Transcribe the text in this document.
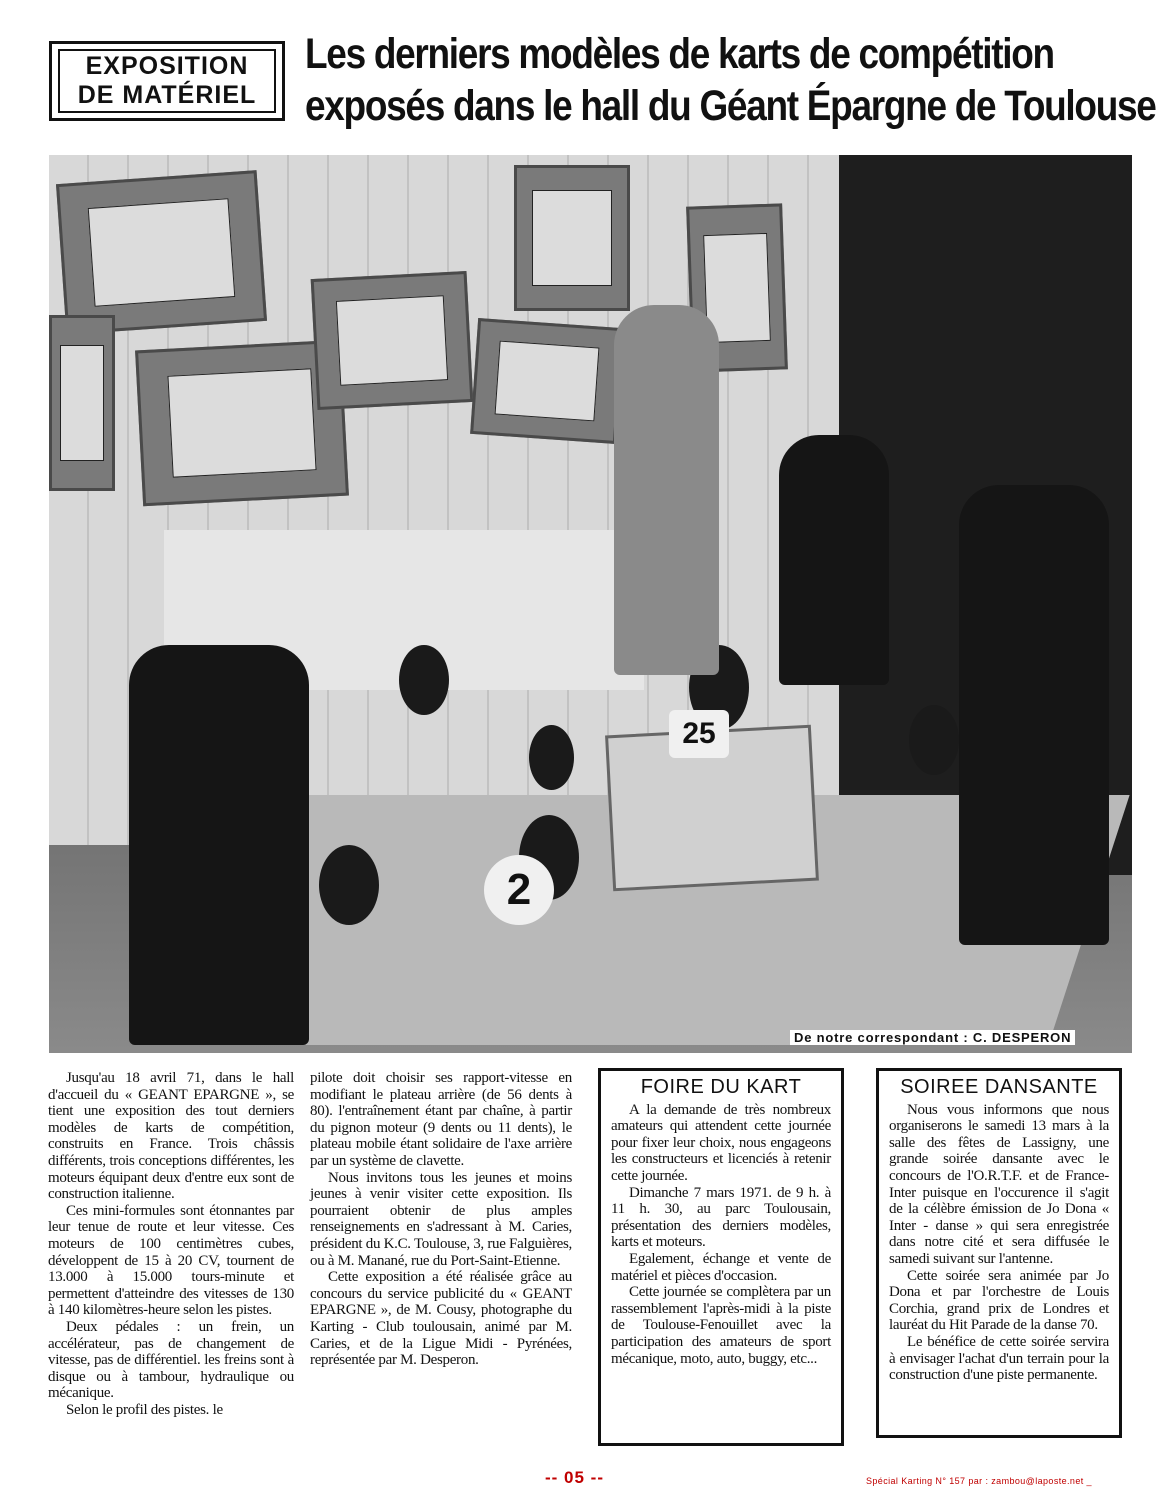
EXPOSITION
DE MATÉRIEL
Les derniers modèles de karts de compétition
exposés dans le hall du Géant Épargne de Toulouse
2
25
De notre correspondant : C. DESPERON

Jusqu'au 18 avril 71, dans le hall d'accueil du « GEANT EPARGNE », se tient une exposition des tout derniers modèles de karts de compétition, construits en France. Trois châssis différents, trois conceptions différentes, les moteurs équipant deux d'entre eux sont de construction italienne.

Ces mini-formules sont étonnantes par leur tenue de route et leur vitesse. Ces moteurs de 100 centimètres cubes, développent de 15 à 20 CV, tournent de 13.000 à 15.000 tours-minute et permettent d'atteindre des vitesses de 130 à 140 kilomètres-heure selon les pistes.

Deux pédales : un frein, un accélérateur, pas de changement de vitesse, pas de différentiel. les freins sont à disque ou à tambour, hydraulique ou mécanique.

Selon le profil des pistes. le

pilote doit choisir ses rapport-vitesse en modifiant le plateau arrière (de 56 dents à 80). l'entraînement étant par chaîne, à partir du pignon moteur (9 dents ou 11 dents), le plateau mobile étant solidaire de l'axe arrière par un système de clavette.

Nous invitons tous les jeunes et moins jeunes à venir visiter cette exposition. Ils pourraient obtenir de plus amples renseignements en s'adressant à M. Caries, président du K.C. Toulouse, 3, rue Falguières, ou à M. Manané, rue du Port-Saint-Etienne.

Cette exposition a été réalisée grâce au concours du service publicité du « GEANT EPARGNE », de M. Cousy, photographe du Karting - Club toulousain, animé par M. Caries, et de la Ligue Midi - Pyrénées, représentée par M. Desperon.

FOIRE DU KART

A la demande de très nombreux amateurs qui attendent cette journée pour fixer leur choix, nous engageons les constructeurs et licenciés à retenir cette journée.

Dimanche 7 mars 1971. de 9 h. à 11 h. 30, au parc Toulousain, présentation des derniers modèles, karts et moteurs.

Egalement, échange et vente de matériel et pièces d'occasion.

Cette journée se complètera par un rassemblement l'après-midi à la piste de Toulouse-Fenouillet avec la participation des amateurs de sport mécanique, moto, auto, buggy, etc...

SOIREE DANSANTE

Nous vous informons que nous organiserons le samedi 13 mars à la salle des fêtes de Lassigny, une grande soirée dansante avec le concours de l'O.R.T.F. et de France-Inter puisque en l'occurence il s'agit de la célèbre émission de Jo Dona « Inter - danse » qui sera enregistrée dans notre cité et sera diffusée le samedi suivant sur l'antenne.

Cette soirée sera animée par Jo Dona et par l'orchestre de Louis Corchia, grand prix de Londres et lauréat du Hit Parade de la danse 70.

Le bénéfice de cette soirée servira à envisager l'achat d'un terrain pour la construction d'une piste permanente.

-- 05 --	Spécial Karting N° 157 par : zambou@laposte.net _
